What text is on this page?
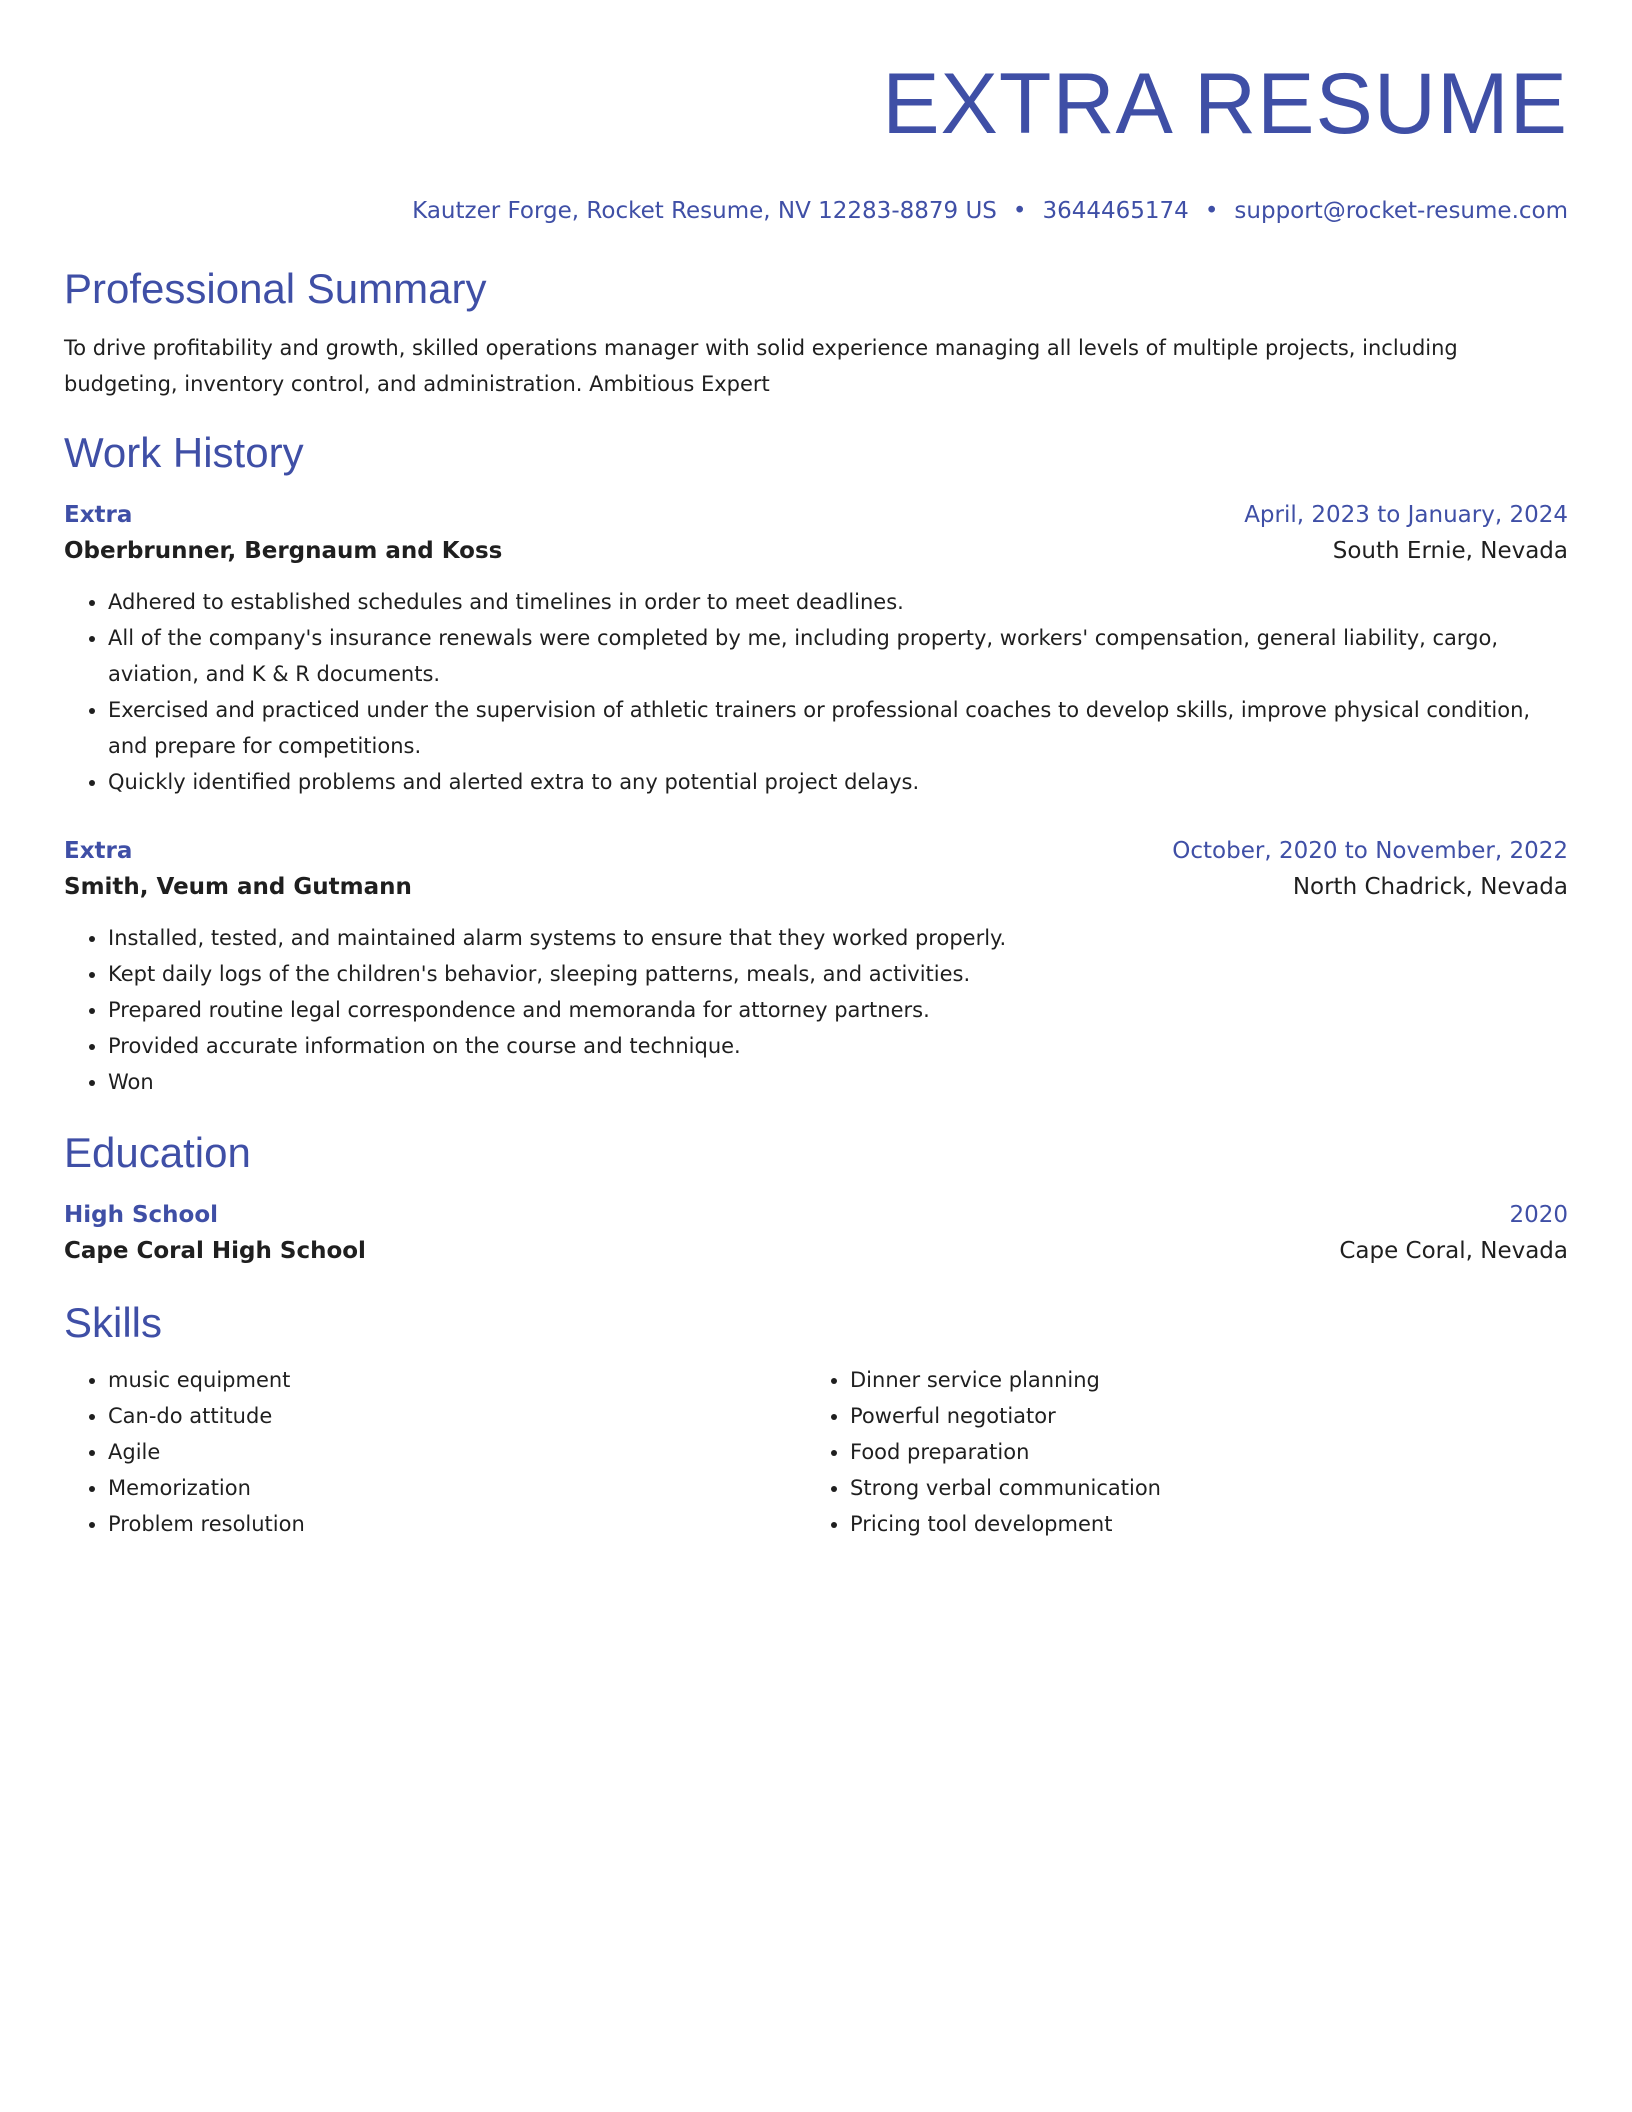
EXTRA RESUME
Kautzer Forge, Rocket Resume, NV 12283-8879 US • 3644465174 • support@rocket-resume.com
Professional Summary
To drive profitability and growth, skilled operations manager with solid experience managing all levels of multiple projects, including budgeting, inventory control, and administration. Ambitious Expert
Work History
Extra	April, 2023 to January, 2024
Oberbrunner, Bergnaum and Koss	South Ernie, Nevada
• Adhered to established schedules and timelines in order to meet deadlines.
• All of the company's insurance renewals were completed by me, including property, workers' compensation, general liability, cargo, aviation, and K & R documents.
• Exercised and practiced under the supervision of athletic trainers or professional coaches to develop skills, improve physical condition, and prepare for competitions.
• Quickly identified problems and alerted extra to any potential project delays.
Extra	October, 2020 to November, 2022
Smith, Veum and Gutmann	North Chadrick, Nevada
• Installed, tested, and maintained alarm systems to ensure that they worked properly.
• Kept daily logs of the children's behavior, sleeping patterns, meals, and activities.
• Prepared routine legal correspondence and memoranda for attorney partners.
• Provided accurate information on the course and technique.
• Won
Education
High School	2020
Cape Coral High School	Cape Coral, Nevada
Skills
• music equipment
• Can-do attitude
• Agile
• Memorization
• Problem resolution
• Dinner service planning
• Powerful negotiator
• Food preparation
• Strong verbal communication
• Pricing tool development
